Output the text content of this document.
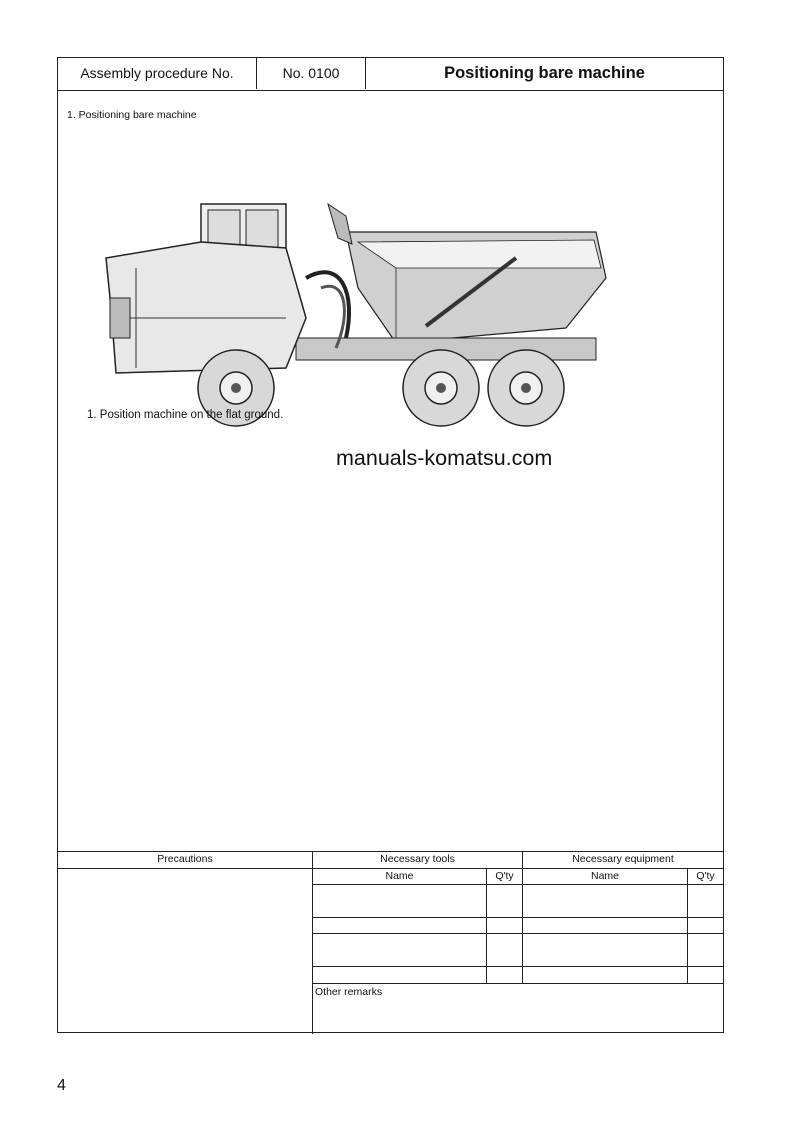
Assembly procedure No.	No. 0100	Positioning bare machine
1. Positioning bare machine
1. Position machine on the flat ground.
manuals-komatsu.com
Precautions	Necessary tools	Necessary equipment
Name	Q'ty	Name	Q'ty
Other remarks
4
